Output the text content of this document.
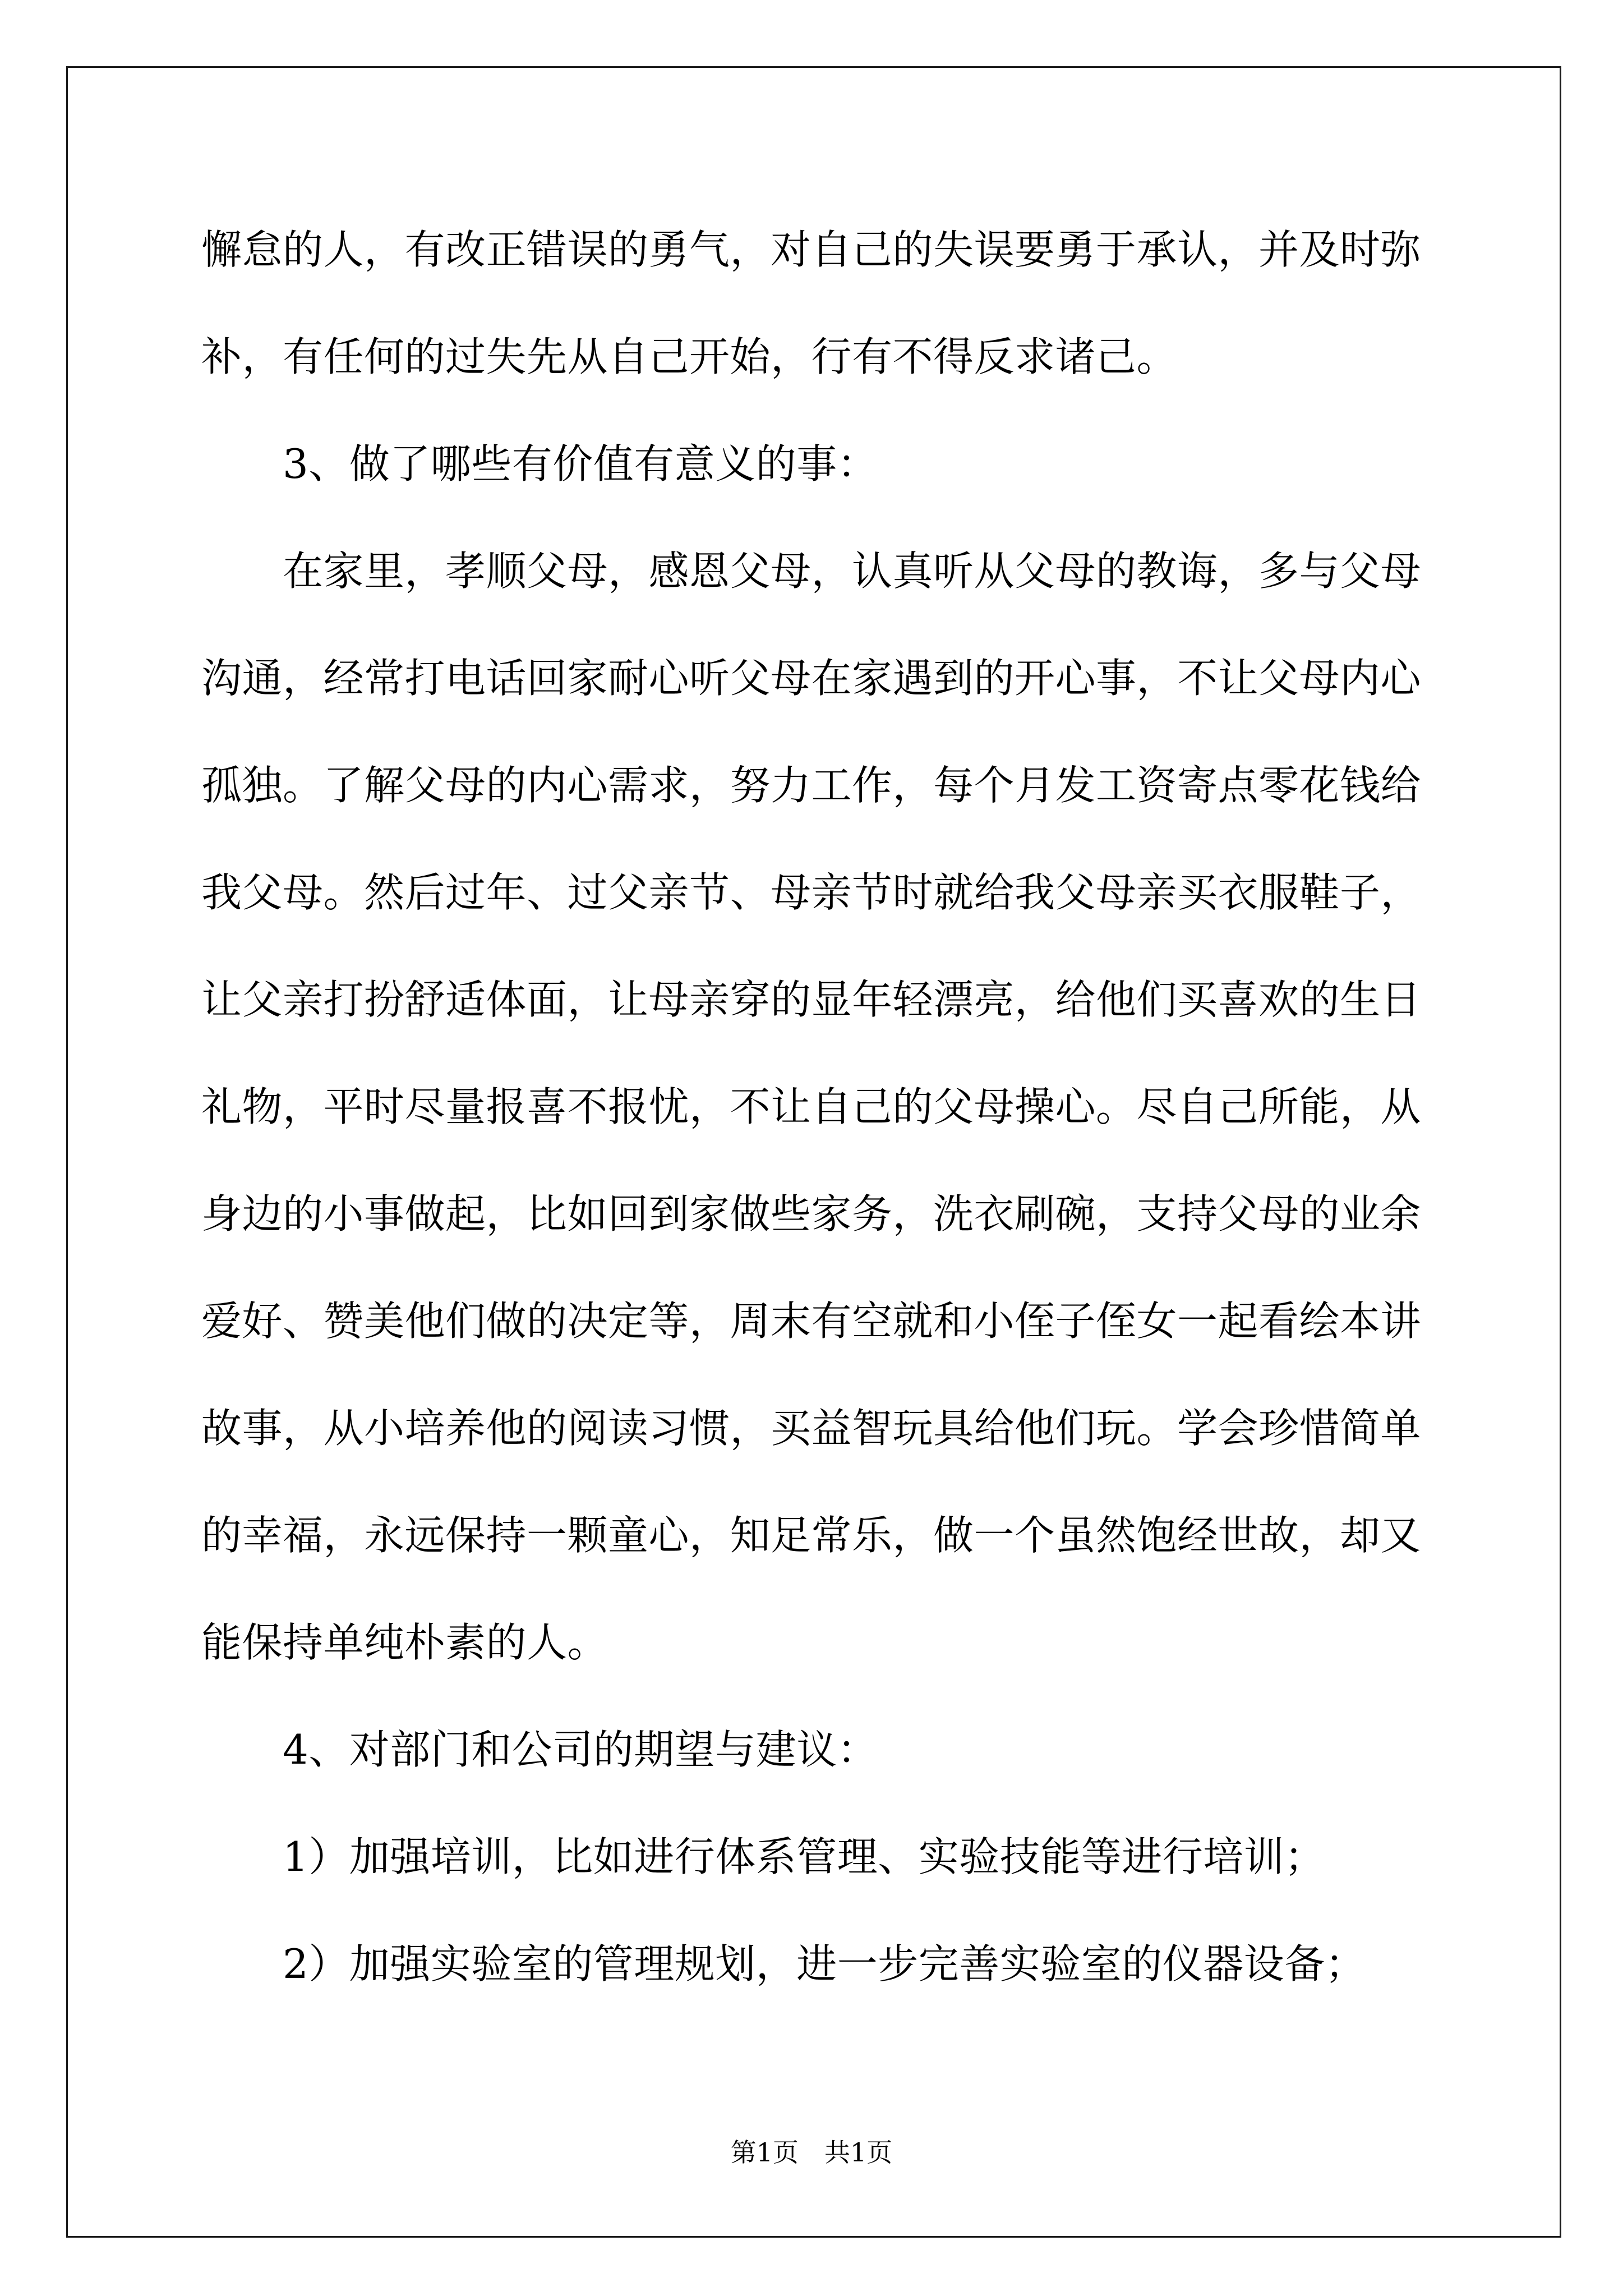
懈怠的人，有改正错误的勇气，对自己的失误要勇于承认，并及时弥
补，有任何的过失先从自己开始，行有不得反求诸己。
3、做了哪些有价值有意义的事：
在家里，孝顺父母，感恩父母，认真听从父母的教诲，多与父母
沟通，经常打电话回家耐心听父母在家遇到的开心事，不让父母内心
孤独。了解父母的内心需求，努力工作，每个月发工资寄点零花钱给
我父母。然后过年、过父亲节、母亲节时就给我父母亲买衣服鞋子，
让父亲打扮舒适体面，让母亲穿的显年轻漂亮，给他们买喜欢的生日
礼物，平时尽量报喜不报忧，不让自己的父母操心。尽自己所能，从
身边的小事做起，比如回到家做些家务，洗衣刷碗，支持父母的业余
爱好、赞美他们做的决定等，周末有空就和小侄子侄女一起看绘本讲
故事，从小培养他的阅读习惯，买益智玩具给他们玩。学会珍惜简单
的幸福，永远保持一颗童心，知足常乐，做一个虽然饱经世故，却又
能保持单纯朴素的人。
4、对部门和公司的期望与建议：
1）加强培训，比如进行体系管理、实验技能等进行培训；
2）加强实验室的管理规划，进一步完善实验室的仪器设备；
第1页　共1页
